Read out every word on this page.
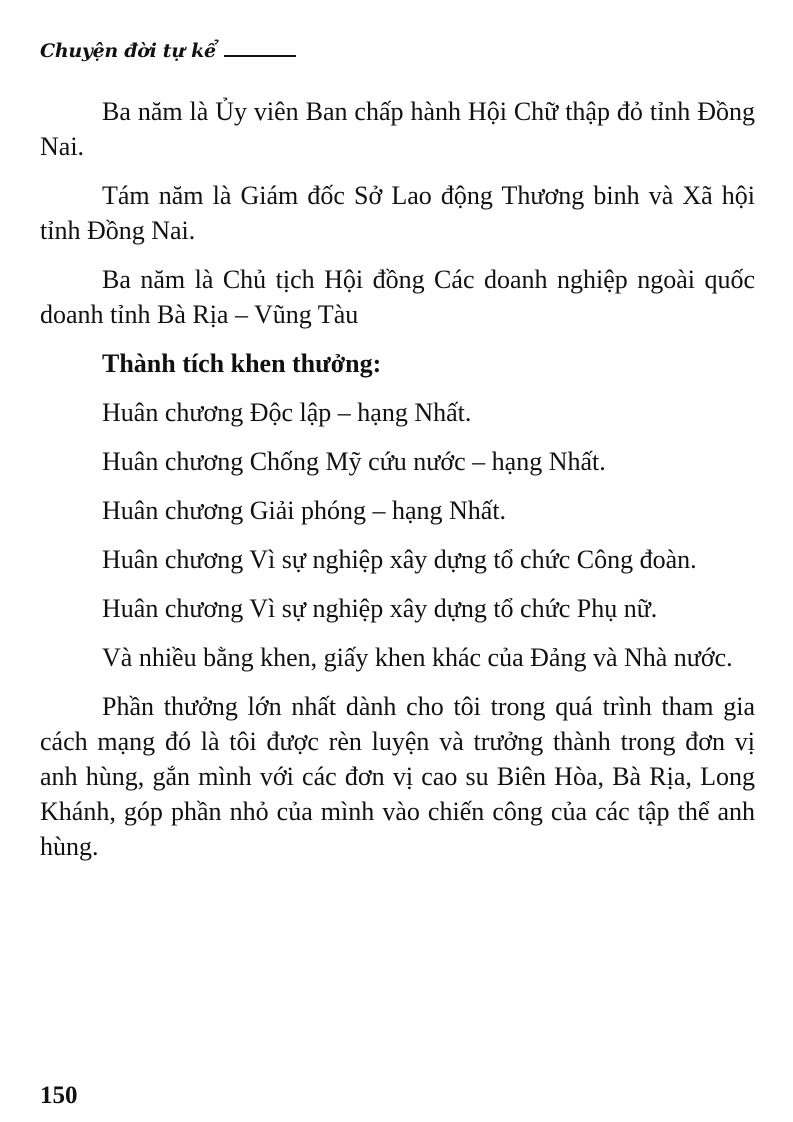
Chuyện đời tự kể

Ba năm là Ủy viên Ban chấp hành Hội Chữ thập đỏ tỉnh Đồng Nai.

Tám năm là Giám đốc Sở Lao động Thương binh và Xã hội tỉnh Đồng Nai.

Ba năm là Chủ tịch Hội đồng Các doanh nghiệp ngoài quốc doanh tỉnh Bà Rịa – Vũng Tàu

Thành tích khen thưởng:

Huân chương Độc lập – hạng Nhất.

Huân chương Chống Mỹ cứu nước – hạng Nhất.

Huân chương Giải phóng – hạng Nhất.

Huân chương Vì sự nghiệp xây dựng tổ chức Công đoàn.

Huân chương Vì sự nghiệp xây dựng tổ chức Phụ nữ.

Và nhiều bằng khen, giấy khen khác của Đảng và Nhà nước.

Phần thưởng lớn nhất dành cho tôi trong quá trình tham gia cách mạng đó là tôi được rèn luyện và trưởng thành trong đơn vị anh hùng, gắn mình với các đơn vị cao su Biên Hòa, Bà Rịa, Long Khánh, góp phần nhỏ của mình vào chiến công của các tập thể anh hùng.

150
